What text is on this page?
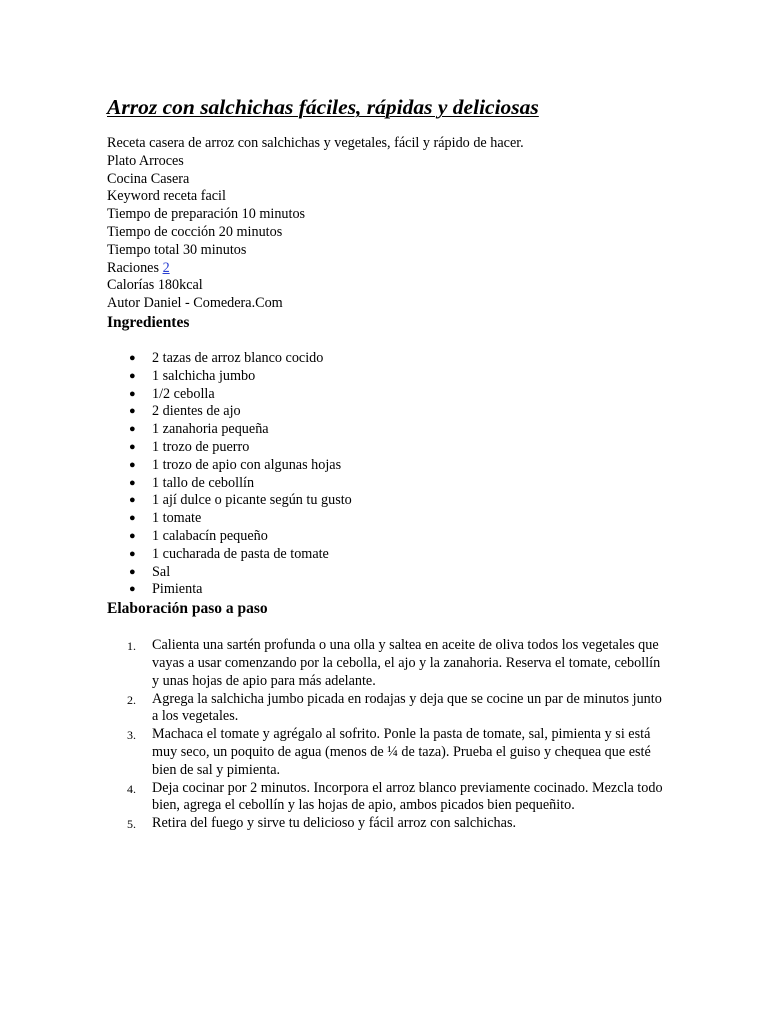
Arroz con salchichas fáciles, rápidas y deliciosas
Receta casera de arroz con salchichas y vegetales, fácil y rápido de hacer.
Plato Arroces
Cocina Casera
Keyword receta facil
Tiempo de preparación 10 minutos
Tiempo de cocción 20 minutos
Tiempo total 30 minutos
Raciones 2
Calorías 180kcal
Autor Daniel - Comedera.Com
Ingredientes
● 2 tazas de arroz blanco cocido
● 1 salchicha jumbo
● 1/2 cebolla
● 2 dientes de ajo
● 1 zanahoria pequeña
● 1 trozo de puerro
● 1 trozo de apio con algunas hojas
● 1 tallo de cebollín
● 1 ají dulce o picante según tu gusto
● 1 tomate
● 1 calabacín pequeño
● 1 cucharada de pasta de tomate
● Sal
● Pimienta
Elaboración paso a paso
1. Calienta una sartén profunda o una olla y saltea en aceite de oliva todos los vegetales que vayas a usar comenzando por la cebolla, el ajo y la zanahoria. Reserva el tomate, cebollín y unas hojas de apio para más adelante.
2. Agrega la salchicha jumbo picada en rodajas y deja que se cocine un par de minutos junto a los vegetales.
3. Machaca el tomate y agrégalo al sofrito. Ponle la pasta de tomate, sal, pimienta y si está muy seco, un poquito de agua (menos de ¼ de taza). Prueba el guiso y chequea que esté bien de sal y pimienta.
4. Deja cocinar por 2 minutos. Incorpora el arroz blanco previamente cocinado. Mezcla todo bien, agrega el cebollín y las hojas de apio, ambos picados bien pequeñito.
5. Retira del fuego y sirve tu delicioso y fácil arroz con salchichas.
